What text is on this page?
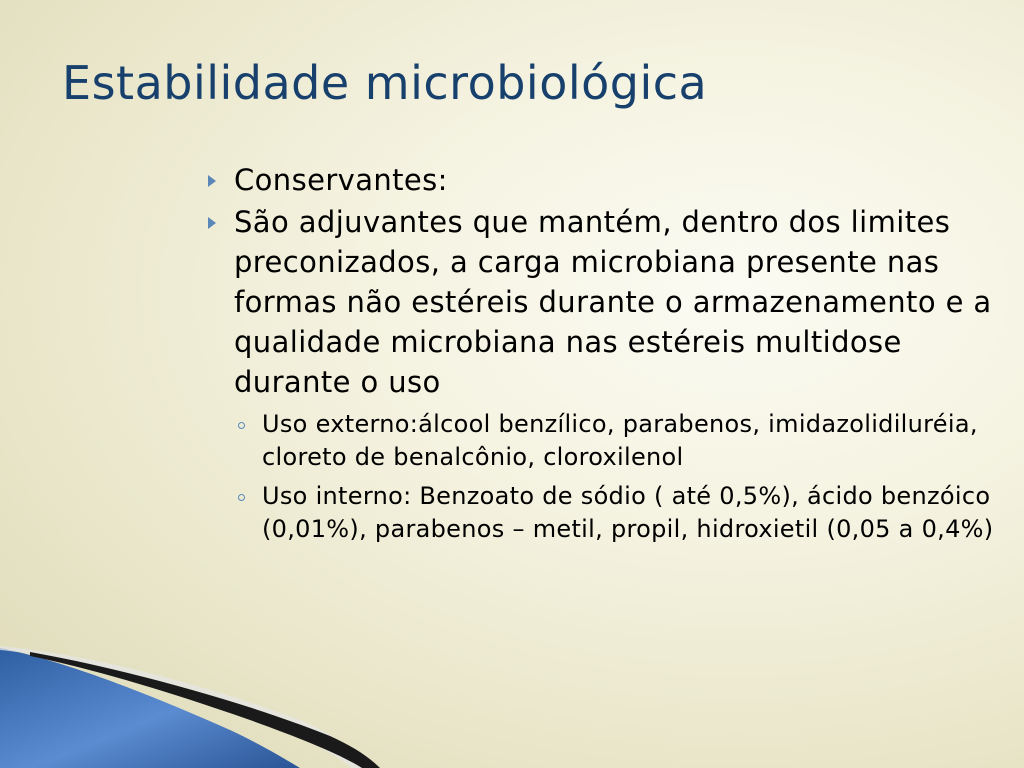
Estabilidade microbiológica
Conservantes:
São adjuvantes que mantém, dentro dos limites preconizados, a carga microbiana presente nas formas não estéreis durante o armazenamento e a qualidade microbiana nas estéreis multidose durante o uso
Uso externo:álcool benzílico, parabenos, imidazolidiluréia, cloreto de benalcônio, cloroxilenol
Uso interno: Benzoato de sódio ( até 0,5%), ácido benzóico (0,01%), parabenos – metil, propil, hidroxietil (0,05 a 0,4%)
